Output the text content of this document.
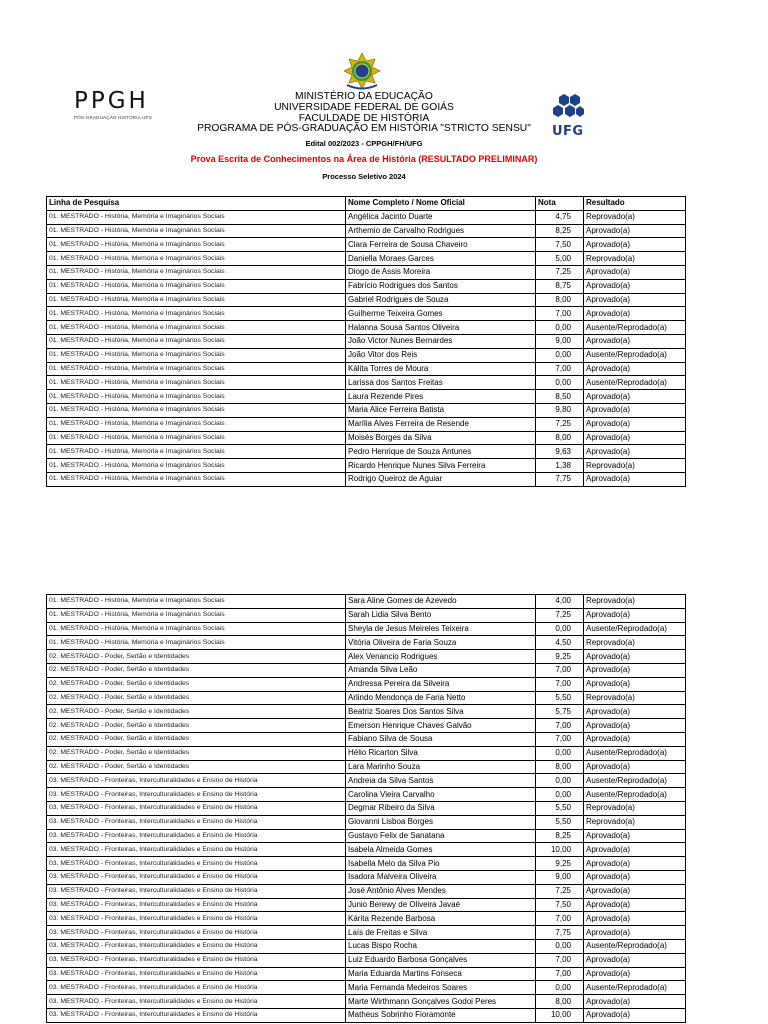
PPGH
PÓS-GRADUAÇÃO HISTÓRIA UFG
MINISTÉRIO DA EDUCAÇÃO
UNIVERSIDADE FEDERAL DE GOIÁS
FACULDADE DE HISTÓRIA
PROGRAMA DE PÓS-GRADUAÇÃO EM HISTÓRIA "STRICTO SENSU"
Edital 002/2023 - CPPGH/FH/UFG
Prova Escrita de Conhecimentos na Área de História (RESULTADO PRELIMINAR)
Processo Seletivo 2024
UFG
Linha de Pesquisa	Nome Completo / Nome Oficial	Nota	Resultado
01. MESTRADO - História, Memória e Imaginários Sociais	Angélica Jacinto Duarte	4,75	Reprovado(a)
01. MESTRADO - História, Memória e Imaginários Sociais	Arthemio de Carvalho Rodrigues	8,25	Aprovado(a)
01. MESTRADO - História, Memória e Imaginários Sociais	Clara Ferreira de Sousa Chaveiro	7,50	Aprovado(a)
01. MESTRADO - História, Memória e Imaginários Sociais	Daniella Moraes Garces	5,00	Reprovado(a)
01. MESTRADO - História, Memória e Imaginários Sociais	Diogo de Assis Moreira	7,25	Aprovado(a)
01. MESTRADO - História, Memória e Imaginários Sociais	Fabrício Rodrigues dos Santos	8,75	Aprovado(a)
01. MESTRADO - História, Memória e Imaginários Sociais	Gabriel Rodrigues de Souza	8,00	Aprovado(a)
01. MESTRADO - História, Memória e Imaginários Sociais	Guilherme Teixeira Gomes	7,00	Aprovado(a)
01. MESTRADO - História, Memória e Imaginários Sociais	Halanna Sousa Santos Oliveira	0,00	Ausente/Reprodado(a)
01. MESTRADO - História, Memória e Imaginários Sociais	João Victor Nunes Bernardes	9,00	Aprovado(a)
01. MESTRADO - História, Memória e Imaginários Sociais	João Vitor dos Reis	0,00	Ausente/Reprodado(a)
01. MESTRADO - História, Memória e Imaginários Sociais	Kálita Torres de Moura	7,00	Aprovado(a)
01. MESTRADO - História, Memória e Imaginários Sociais	Larissa dos Santos Freitas	0,00	Ausente/Reprodado(a)
01. MESTRADO - História, Memória e Imaginários Sociais	Laura Rezende Pires	8,50	Aprovado(a)
01. MESTRADO - História, Memória e Imaginários Sociais	Maria Alice Ferreira Batista	9,80	Aprovado(a)
01. MESTRADO - História, Memória e Imaginários Sociais	Marília Alves Ferreira de Resende	7,25	Aprovado(a)
01. MESTRADO - História, Memória e Imaginários Sociais	Moisés Borges da Silva	8,00	Aprovado(a)
01. MESTRADO - História, Memória e Imaginários Sociais	Pedro Henrique de Souza Antunes	9,63	Aprovado(a)
01. MESTRADO - História, Memória e Imaginários Sociais	Ricardo Henrique Nunes Silva Ferreira	1,38	Reprovado(a)
01. MESTRADO - História, Memória e Imaginários Sociais	Rodrigo Queiroz de Aguiar	7,75	Aprovado(a)
01. MESTRADO - História, Memória e Imaginários Sociais	Sara Aline Gomes de Azevedo	4,00	Reprovado(a)
01. MESTRADO - História, Memória e Imaginários Sociais	Sarah Lidia Silva Bento	7,25	Aprovado(a)
01. MESTRADO - História, Memória e Imaginários Sociais	Sheyla de Jesus Meireles Teixeira	0,00	Ausente/Reprodado(a)
01. MESTRADO - História, Memória e Imaginários Sociais	Vitória Oliveira de Faria Souza	4,50	Reprovado(a)
02. MESTRADO - Poder, Sertão e Identidades	Alex Venancio Rodrigues	9,25	Aprovado(a)
02. MESTRADO - Poder, Sertão e Identidades	Amanda Silva Leão	7,00	Aprovado(a)
02. MESTRADO - Poder, Sertão e Identidades	Andressa Pereira da Silveira	7,00	Aprovado(a)
02. MESTRADO - Poder, Sertão e Identidades	Arlindo Mendonça de Faria Netto	5,50	Reprovado(a)
02. MESTRADO - Poder, Sertão e Identidades	Beatriz Soares Dos Santos Silva	5,75	Aprovado(a)
02. MESTRADO - Poder, Sertão e Identidades	Emerson Henrique Chaves Galvão	7,00	Aprovado(a)
02. MESTRADO - Poder, Sertão e Identidades	Fabiano Silva de Sousa	7,00	Aprovado(a)
02. MESTRADO - Poder, Sertão e Identidades	Hélio Ricarton Silva	0,00	Ausente/Reprodado(a)
02. MESTRADO - Poder, Sertão e Identidades	Lara Marinho Souza	8,00	Aprovado(a)
03. MESTRADO - Fronteiras, Interculturalidades e Ensino de História	Andreia da Silva Santos	0,00	Ausente/Reprodado(a)
03. MESTRADO - Fronteiras, Interculturalidades e Ensino de História	Carolina Vieira Carvalho	0,00	Ausente/Reprodado(a)
03. MESTRADO - Fronteiras, Interculturalidades e Ensino de História	Degmar Ribeiro da Silva	5,50	Reprovado(a)
03. MESTRADO - Fronteiras, Interculturalidades e Ensino de História	Giovanni Lisboa Borges	5,50	Reprovado(a)
03. MESTRADO - Fronteiras, Interculturalidades e Ensino de História	Gustavo Felix de Sanatana	8,25	Aprovado(a)
03. MESTRADO - Fronteiras, Interculturalidades e Ensino de História	Isabela Almeida Gomes	10,00	Aprovado(a)
03. MESTRADO - Fronteiras, Interculturalidades e Ensino de História	Isabella Melo da Silva Pio	9,25	Aprovado(a)
03. MESTRADO - Fronteiras, Interculturalidades e Ensino de História	Isadora Malveira Oliveira	9,00	Aprovado(a)
03. MESTRADO - Fronteiras, Interculturalidades e Ensino de História	José Antônio Alves Mendes	7,25	Aprovado(a)
03. MESTRADO - Fronteiras, Interculturalidades e Ensino de História	Junio Berewy de Oliveira Javaé	7,50	Aprovado(a)
03. MESTRADO - Fronteiras, Interculturalidades e Ensino de História	Kárita Rezende Barbosa	7,00	Aprovado(a)
03. MESTRADO - Fronteiras, Interculturalidades e Ensino de História	Laís de Freitas e Silva	7,75	Aprovado(a)
03. MESTRADO - Fronteiras, Interculturalidades e Ensino de História	Lucas Bispo Rocha	0,00	Ausente/Reprodado(a)
03. MESTRADO - Fronteiras, Interculturalidades e Ensino de História	Luiz Eduardo Barbosa Gonçalves	7,00	Aprovado(a)
03. MESTRADO - Fronteiras, Interculturalidades e Ensino de História	Maria Eduarda Martins Fonseca	7,00	Aprovado(a)
03. MESTRADO - Fronteiras, Interculturalidades e Ensino de História	Maria Fernanda Medeiros Soares	0,00	Ausente/Reprodado(a)
03. MESTRADO - Fronteiras, Interculturalidades e Ensino de História	Marte Wirthmann Gonçalves Godoi Peres	8,00	Aprovado(a)
03. MESTRADO - Fronteiras, Interculturalidades e Ensino de História	Matheus Sobrinho Fioramonte	10,00	Aprovado(a)
